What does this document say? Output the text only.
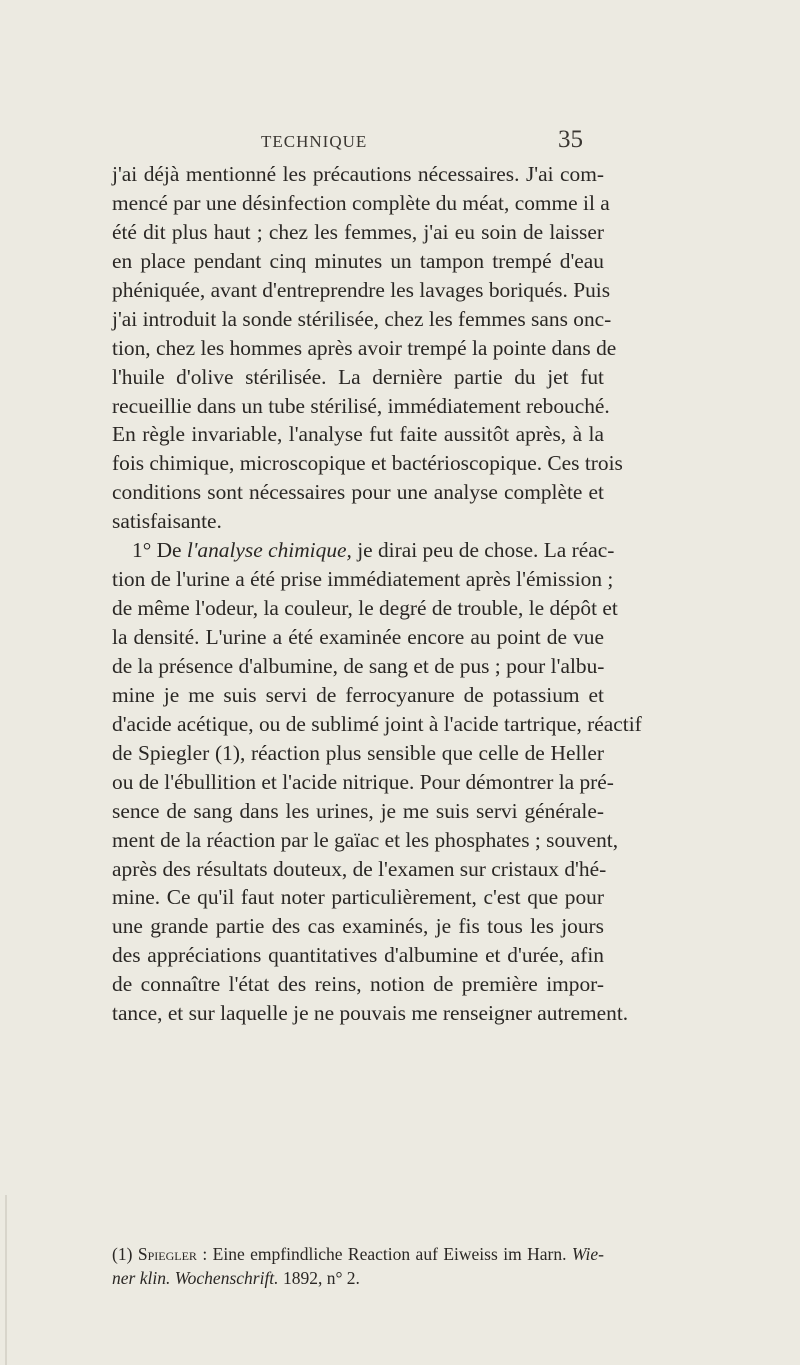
TECHNIQUE	35
j'ai déjà mentionné les précautions nécessaires. J'ai com-
mencé par une désinfection complète du méat, comme il a
été dit plus haut ; chez les femmes, j'ai eu soin de laisser
en place pendant cinq minutes un tampon trempé d'eau
phéniquée, avant d'entreprendre les lavages boriqués. Puis
j'ai introduit la sonde stérilisée, chez les femmes sans onc-
tion, chez les hommes après avoir trempé la pointe dans de
l'huile d'olive stérilisée. La dernière partie du jet fut
recueillie dans un tube stérilisé, immédiatement rebouché.
En règle invariable, l'analyse fut faite aussitôt après, à la
fois chimique, microscopique et bactérioscopique. Ces trois
conditions sont nécessaires pour une analyse complète et
satisfaisante.
1° De l'analyse chimique, je dirai peu de chose. La réac-
tion de l'urine a été prise immédiatement après l'émission ;
de même l'odeur, la couleur, le degré de trouble, le dépôt et
la densité. L'urine a été examinée encore au point de vue
de la présence d'albumine, de sang et de pus ; pour l'albu-
mine je me suis servi de ferrocyanure de potassium et
d'acide acétique, ou de sublimé joint à l'acide tartrique, réactif
de Spiegler (1), réaction plus sensible que celle de Heller
ou de l'ébullition et l'acide nitrique. Pour démontrer la pré-
sence de sang dans les urines, je me suis servi générale-
ment de la réaction par le gaïac et les phosphates ; souvent,
après des résultats douteux, de l'examen sur cristaux d'hé-
mine. Ce qu'il faut noter particulièrement, c'est que pour
une grande partie des cas examinés, je fis tous les jours
des appréciations quantitatives d'albumine et d'urée, afin
de connaître l'état des reins, notion de première impor-
tance, et sur laquelle je ne pouvais me renseigner autrement.
(1) Spiegler : Eine empfindliche Reaction auf Eiweiss im Harn. Wie-
ner klin. Wochenschrift. 1892, n° 2.
